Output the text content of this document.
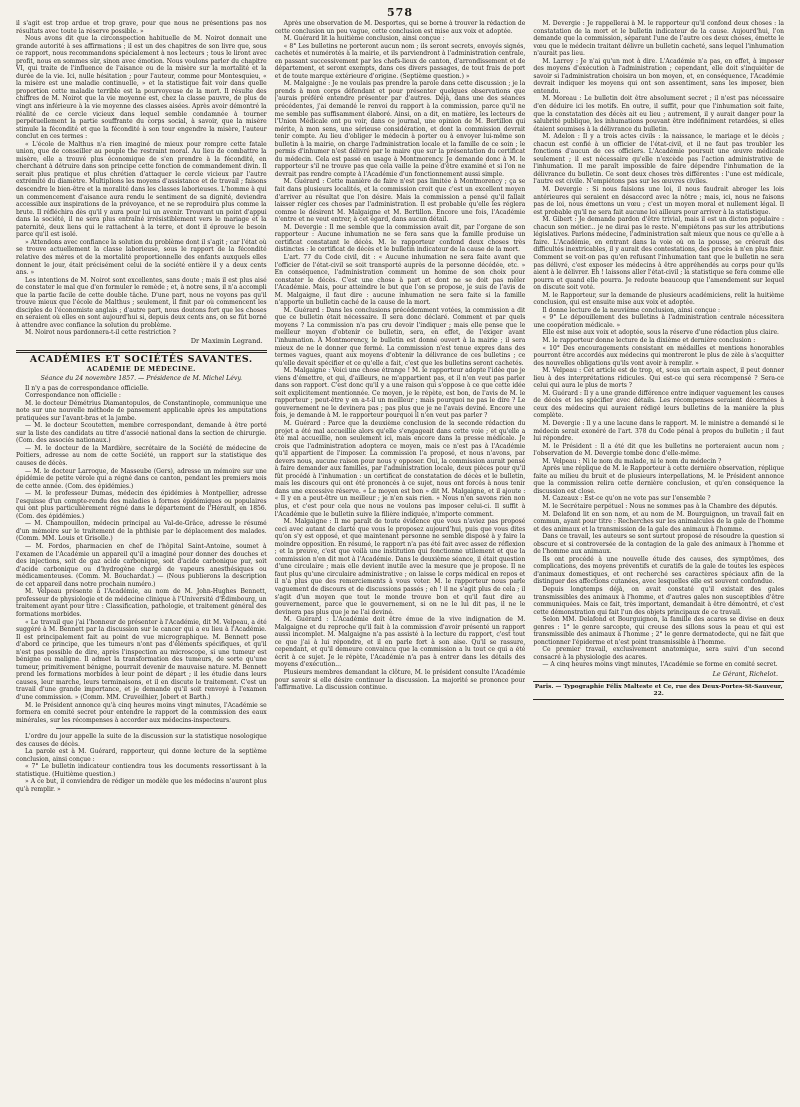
578

il s'agit est trop ardue et trop grave, pour que nous ne présentions pas nos résultats avec toute la réserve possible. »

Nous avons dit que la circonspection habituelle de M. Noirot donnait une grande autorité à ses affirmations ; il est un des chapitres de son livre que, sous ce rapport, nous recommandons spécialement à nos lecteurs ; tous le liront avec profit, nous en sommes sûr, sinon avec émotion. Nous voulons parler du chapitre VI, qui traite de l'influence de l'aisance ou de la misère sur la mortalité et la durée de la vie. Ici, nulle hésitation ; pour l'auteur, comme pour Montesquieu, « la misère est une maladie continuelle, » et la statistique fait voir dans quelle proportion cette maladie terrible est la pourvoyeuse de la mort. Il résulte des chiffres de M. Noirot que la vie moyenne est, chez la classe pauvre, de plus de vingt ans inférieure à la vie moyenne des classes aisées. Après avoir démontré la réalité de ce cercle vicieux dans lequel semble condamnée à tourner perpétuellement la partie souffrante du corps social, à savoir, que la misère stimule la fécondité et que la fécondité à son tour engendre la misère, l'auteur conclut en ces termes :

« L'école de Malthus n'a rien imaginé de mieux pour rompre cette fatale union, que de conseiller au peuple the restraint moral. Au lieu de combattre la misère, elle a trouvé plus économique de s'en prendre à la fécondité, en cherchant à détruire dans son principe cette fonction de commandement divin. Il serait plus pratique et plus chrétien d'attaquer le cercle vicieux par l'autre extrémité du diamètre. Multiplions les moyens d'assistance et de travail ; faisons descendre le bien-être et la moralité dans les classes laborieuses. L'homme à qui un commencement d'aisance aura rendu le sentiment de sa dignité, deviendra accessible aux inspirations de la prévoyance, et ne se reproduira plus comme la brute. Il réfléchira dès qu'il y aura pour lui un avenir. Trouvant un point d'appui dans la société, il ne sera plus entraîné irrésistiblement vers le mariage et la paternité, deux liens qui le rattachent à la terre, et dont il éprouve le besoin parce qu'il est isolé.

» Attendons avec confiance la solution du problème dont il s'agit ; car l'état où se trouve actuellement la classe laborieuse, sous le rapport de la fécondité relative des mères et de la mortalité proportionnelle des enfants auxquels elles donnent le jour, était précisément celui de la société entière il y a deux cents ans. »

Les intentions de M. Noirot sont excellentes, sans doute ; mais il est plus aisé de constater le mal que d'en formuler le remède ; et, à notre sens, il n'a accompli que la partie facile de cette double tâche. D'une part, nous ne voyons pas qu'il trouve mieux que l'école de Malthus ; seulement, il finit par où commencent les disciples de l'économiste anglais ; d'autre part, nous doutons fort que les choses en seraient où elles en sont aujourd'hui si, depuis deux cents ans, on se fût borné à attendre avec confiance la solution du problème.

M. Noirot nous pardonnera-t-il cette restriction ?

Dr Maximin Legrand.
ACADÉMIES ET SOCIÉTÉS SAVANTES.
ACADÉMIE DE MÉDECINE.
Séance du 24 novembre 1857. — Présidence de M. Michel Lévy.

Il n'y a pas de correspondance officielle.

Correspondance non officielle :

M. le docteur Démétrius Diamantopulos, de Constantinople, communique une note sur une nouvelle méthode de pansement applicable après les amputations pratiquées sur l'avant-bras et la jambe.

— M. le docteur Scoutetten, membre correspondant, demande à être porté sur la liste des candidats au titre d'associé national dans la section de chirurgie. (Com. des associés nationaux.)

— M. le docteur de la Mardière, secrétaire de la Société de médecine de Poitiers, adresse au nom de cette Société, un rapport sur la statistique des causes de décès.

— M. le docteur Larroque, de Masseube (Gers), adresse un mémoire sur une épidémie de petite vérole qui a régné dans ce canton, pendant les premiers mois de cette année. (Com. des épidémies.)

— M. le professeur Dumas, médecin des épidémies à Montpellier, adresse l'esquisse d'un compte-rendu des maladies à formes épidémiques ou populaires qui ont plus particulièrement régné dans le département de l'Hérault, en 1856. (Com. des épidémies.)

— M. Champouillon, médecin principal au Val-de-Grâce, adresse le résumé d'un mémoire sur le traitement de la phthisie par le déplacement des malades. (Comm. MM. Louis et Grisolle.)

— M. Fordos, pharmacien en chef de l'hôpital Saint-Antoine, soumet à l'examen de l'Académie un appareil qu'il a imaginé pour donner des douches et des injections, soit de gaz acide carbonique, soit d'acide carbonique pur, soit d'acide carbonique ou d'hydrogène chargé de vapeurs anesthésiques ou médicamenteuses. (Comm. M. Bouchardat.) — (Nous publierons la description de cet appareil dans notre prochain numéro.)

M. Velpeau présente à l'Académie, au nom de M. John-Hughes Bennett, professeur de physiologie et de médecine clinique à l'Université d'Édimbourg, un traitement ayant pour titre : Classification, pathologie, et traitement général des formations morbides.

« Le travail que j'ai l'honneur de présenter à l'Académie, dit M. Velpeau, a été suggéré à M. Bennett par la discussion sur le cancer qui a eu lieu à l'Académie. Il est principalement fait au point de vue micrographique. M. Bennett pose d'abord ce principe, que les tumeurs n'ont pas d'éléments spécifiques, et qu'il n'est pas possible de dire, après l'inspection au microscope, si une tumeur est bénigne ou maligne. Il admet la transformation des tumeurs, de sorte qu'une tumeur, primitivement bénigne, pourrait devenir de mauvaise nature. M. Bennett prend les formations morbides à leur point de départ ; il les étudie dans leurs causes, leur marche, leurs terminaisons, et il en discute le traitement. C'est un travail d'une grande importance, et je demande qu'il soit renvoyé à l'examen d'une commission. » (Comm. MM. Cruveilhier, Jobert et Barth.)

M. le Président annonce qu'à cinq heures moins vingt minutes, l'Académie se formera en comité secret pour entendre le rapport de la commission des eaux minérales, sur les récompenses à accorder aux médecins-inspecteurs.

L'ordre du jour appelle la suite de la discussion sur la statistique nosologique des causes de décès.

La parole est à M. Guérard, rapporteur, qui donne lecture de la septième conclusion, ainsi conçue :

« 7° Le bulletin indicateur contiendra tous les documents ressortissant à la statistique. (Huitième question.)

» A ce but, il conviendra de rédiger un modèle que les médecins n'auront plus qu'à remplir. »

Après une observation de M. Desportes, qui se borne à trouver la rédaction de cette conclusion un peu vague, cette conclusion est mise aux voix et adoptée.

M. Guérard lit la huitième conclusion, ainsi conçue :

« 8° Les bulletins ne porteront aucun nom ; ils seront secrets, envoyés signés, cachetés et numérotés à la mairie, et ils parviendront à l'administration centrale, en passant successivement par les chefs-lieux de canton, d'arrondissement et de département, et seront exempts, dans ces divers passages, de tout frais de port et de toute marque extérieure d'origine. (Septième question.) »

M. Malgaigne : Je ne voulais pas prendre la parole dans cette discussion ; je la prends à mon corps défendant et pour présenter quelques observations que j'aurais préféré entendre présenter par d'autres. Déjà, dans une des séances précédentes, j'ai demandé le renvoi du rapport à la commission, parce qu'il ne me semble pas suffisamment élaboré. Ainsi, on a dit, en matière, les lecteurs de l'Union Médicale ont pu voir, dans ce journal, une opinion de M. Bertillon qui mérite, à mon sens, une sérieuse considération, et dont la commission devrait tenir compte. Au lieu d'obliger le médecin à porter ou à envoyer lui-même son bulletin à la mairie, on charge l'administration locale et la famille de ce soin ; le permis d'inhumer n'est délivré par le maire que sur la présentation du certificat du médecin. Cela est passé en usage à Montmorency. Je demande donc à M. le rapporteur s'il ne trouve pas que cela vaille la peine d'être examiné et si l'on ne devrait pas rendre compte à l'Académie d'un fonctionnement aussi simple.

M. Guérard : Cette manière de faire n'est pas limitée à Montmorency ; ça se fait dans plusieurs localités, et la commission croit que c'est un excellent moyen d'arriver au résultat que l'on désire. Mais la commission a pensé qu'il fallait laisser régler ces choses par l'administration. Il est probable qu'elle les réglera comme le désirent M. Malgaigne et M. Bertillon. Encore une fois, l'Académie n'entre et ne veut entrer, à cet égard, dans aucun détail.

M. Devergie : Il me semble que la commission avait dit, par l'organe de son rapporteur : Aucune inhumation ne se fera sans que la famille produise un certificat constatant le décès. M. le rapporteur confond deux choses très distinctes : le certificat de décès et le bulletin indicateur de la cause de la mort.

L'art. 77 du Code civil, dit : « Aucune inhumation ne sera faite avant que l'officier de l'état-civil se soit transporté auprès de la personne décédée, etc. » En conséquence, l'administration comment un homme de son choix pour constater le décès. C'est une chose à part et dont ne se doit pas mêler l'Académie. Mais, pour atteindre le but que l'on se propose, je suis de l'avis de M. Malgaigne, il faut dire : aucune inhumation ne sera faite si la famille n'apporte un bulletin caché de la cause de la mort.

M. Guérard : Dans les conclusions précédemment votées, la commission a dit que ce bulletin était nécessaire. Il sera donc déclaré. Comment et par quels moyens ? La commission n'a pas cru devoir l'indiquer ; mais elle pense que le meilleur moyen d'obtenir ce bulletin, sera, en effet, de l'exiger avant l'inhumation. À Montmorency, le bulletin est donné ouvert à la mairie ; il sera mieux de ne le donner que fermé. La commission n'est tenue expres dans des termes vagues, quant aux moyens d'obtenir la délivrance de ces bulletins ; ce qu'elle devait spécifier et ce qu'elle a fait, c'est que les bulletins seront cachetés.

M. Malgaigne : Voici une chose étrange ! M. le rapporteur adopte l'idée que je viens d'émettre, et qui, d'ailleurs, ne m'appartient pas, et il n'en veut pas parler dans son rapport. C'est donc qu'il y a une raison qui s'oppose à ce que cette idée soit explicitement mentionnée. Ce moyen, je le répète, est bon, de l'avis de M. le rapporteur ; peut-être y en a-t-il un meilleur ; mais pourquoi ne pas le dire ? Le gouvernement ne le devinera pas ; pas plus que je ne l'avais deviné. Encore une fois, je demande à M. le rapporteur pourquoi il n'en veut pas parler ?

M. Guérard : Parce que la deuxième conclusion de la seconde rédaction du projet a été mal accueillie alors qu'elle s'engageait dans cette voie ; et qu'elle a été mal accueillie, non seulement ici, mais encore dans la presse médicale. Je crois que l'administration adoptera ce moyen, mais ce n'est pas à l'Académie qu'il appartient de l'imposer. La commission l'a proposé, et nous n'avons, par devers nous, aucune raison pour nous y opposer. Oui, la commission aurait pensé à faire demander aux familles, par l'administration locale, deux pièces pour qu'il fût procédé à l'inhumation : un certificat de constatation de décès et le bulletin, mais les discours qui ont été prononcés à ce sujet, nous ont forcés à nous tenir dans une excessive réserve. « Le moyen est bon » dit M. Malgaigne, et il ajoute : « Il y en a peut-être un meilleur ; je n'en sais rien. » Nous n'en savons rien non plus, et c'est pour cela que nous ne voulons pas imposer celui-ci. Il suffit à l'Académie que le bulletin suive la filière indiquée, n'importe comment.

M. Malgaigne : Il me paraît de toute évidence que vous n'aviez pas proposé ceci avec autant de clarté que vous le proposez aujourd'hui, puis que vous dites qu'on s'y est opposé, et que maintenant personne ne semble disposé à y faire la moindre opposition. En résumé, le rapport n'a pas été fait avec assez de réflexion ; et la preuve, c'est que voilà une institution qui fonctionne utilement et que la commission n'en dit mot à l'Académie. Dans le deuxième séance, il était question d'une circulaire ; mais elle devient inutile avec la mesure que je propose. Il ne faut plus qu'une circulaire administrative ; on laisse le corps médical en repos et il n'a plus que des remerciements à vous voter. M. le rapporteur nous parle vaguement de discours et de discussions passés ; eh ! il ne s'agit plus de cela ; il s'agit d'un moyen que tout le monde trouve bon et qu'il faut dire au gouvernement, parce que le gouvernement, si on ne le lui dit pas, il ne le devinera pas plus que je ne l'ai deviné.

M. Guérard : L'Académie doit être émue de la vive indignation de M. Malgaigne et du reproche qu'il fait à la commission d'avoir présenté un rapport aussi incomplet. M. Malgaigne n'a pas assisté à la lecture du rapport, c'est tout ce que j'ai à lui répondre, et il en parle fort à son aise. Qu'il se rassure, cependant, et qu'il demeure convaincu que la commission a lu tout ce qui a été écrit à ce sujet. Je le répète, l'Académie n'a pas à entrer dans les détails des moyens d'exécution...

Plusieurs membres demandant la clôture, M. le président consulte l'Académie pour savoir si elle désire continuer la discussion. La majorité se prononce pour l'affirmative. La discussion continue.

M. Devergie : Je rappellerai à M. le rapporteur qu'il confond deux choses : la constatation de la mort et le bulletin indicateur de la cause. Aujourd'hui, l'on demande que la commission, séparant l'une de l'autre ces deux choses, émette le vœu que le médecin traitant délivre un bulletin cacheté, sans lequel l'inhumation n'aurait pas lieu.

M. Larrey : Je n'ai qu'un mot à dire. L'Académie n'a pas, en effet, à imposer des moyens d'exécution à l'administration ; cependant, elle doit s'inquiéter de savoir si l'administration choisira un bon moyen, et, en conséquence, l'Académie devrait indiquer les moyens qui ont son assentiment, sans les imposer, bien entendu.

M. Moreau : Le bulletin doit être absolument secret ; il n'est pas nécessaire d'en déduire ici les motifs. En outre, il suffit, pour que l'inhumation soit faite, que la constatation des décès ait eu lieu ; autrement, il y aurait danger pour la salubrité publique, les inhumations pouvant être indéfiniment retardées, si elles étaient soumises à la délivrance du bulletin.

M. Adelon : Il y a trois actes civils : la naissance, le mariage et le décès ; chacun est confié à un officier de l'état-civil, et il ne faut pas troubler les fonctions d'aucun de ces officiers. L'Académie poursuit une œuvre médicale seulement ; il est nécessaire qu'elle n'excède pas l'action administrative de l'inhumation. Il me paraît impossible de faire dépendre l'inhumation de la délivrance du bulletin. Ce sont deux choses très différentes : l'une est médicale, l'autre est civile. N'empiétons pas sur les œuvres civiles.

M. Devergie : Si nous faisions une loi, il nous faudrait abroger les lois antérieures qui seraient en désaccord avec la nôtre ; mais, ici, nous ne faisons pas de loi, nous émettons un vœu ; c'est un moyen moral et nullement légal. Il est probable qu'il ne sera fait aucune loi ailleurs pour arriver à la statistique.

M. Gibert : Je demande pardon d'être trivial, mais il est un dicton populaire : chacun son métier... je ne dirai pas le reste. N'empiétons pas sur les attributions législatives. Parlons médecine, l'administration sait mieux que nous ce qu'elle a à faire. L'Académie, en entrant dans la voie où on la pousse, se créerait des difficultés inextricables, il y aurait des contestations, des procès à n'en plus finir. Comment se voit-on pas qu'en refusant l'inhumation tant que le bulletin ne sera pas délivré, c'est exposer les médecins à être appréhendés au corps pour qu'ils aient à le délivrer. Eh ! laissons aller l'état-civil ; la statistique se fera comme elle pourra et quand elle pourra. Je redoute beaucoup que l'amendement sur lequel on discute soit voté.

M. le Rapporteur, sur la demande de plusieurs académiciens, relit la huitième conclusion, qui est ensuite mise aux voix et adoptée.

Il donne lecture de la neuvième conclusion, ainsi conçue :

« 9° Le dépouillement des bulletins à l'administration centrale nécessitera une coopération médicale. »

Elle est mise aux voix et adoptée, sous la réserve d'une rédaction plus claire.

M. le rapporteur donne lecture de la dixième et dernière conclusion :

« 10° Des encouragements consistant en médailles et mentions honorables pourront être accordés aux médecins qui montreront le plus de zèle à s'acquitter des nouvelles obligations qu'ils vont avoir à remplir. »

M. Velpeau : Cet article est de trop, et, sous un certain aspect, il peut donner lieu à des interprétations ridicules. Qui est-ce qui sera récompensé ? Sera-ce celui qui aura le plus de morts ?

M. Guérard : Il y a une grande différence entre indiquer vaguement les causes de décès et les spécifier avec détails. Les récompenses seraient décernées à ceux des médecins qui auraient rédigé leurs bulletins de la manière la plus complète.

M. Devergie : Il y a une lacune dans le rapport. M. le ministre a demandé si le médecin serait exonéré de l'art. 378 du Code pénal à propos du bulletin ; il faut lui répondre.

M. le Président : Il a été dit que les bulletins ne porteraient aucun nom ; l'observation de M. Devergie tombe donc d'elle-même.

M. Velpeau : Ni le nom du malade, ni le nom du médecin ?

Après une réplique de M. le Rapporteur à cette dernière observation, réplique faite au milieu du bruit et de plusieurs interpellations, M. le Président annonce que la commission relira cette dernière conclusion, et qu'en conséquence la discussion est close.

M. Cazeaux : Est-ce qu'on ne vote pas sur l'ensemble ?

M. le Secrétaire perpétuel : Nous ne sommes pas à la Chambre des députés.

M. Delafond lit en son nom, et au nom de M. Bourguignon, un travail fait en commun, ayant pour titre : Recherches sur les animalcules de la gale de l'homme et des animaux et la transmission de la gale des animaux à l'homme.

Dans ce travail, les auteurs se sont surtout proposé de résoudre la question si obscure et si controversée de la contagion de la gale des animaux à l'homme et de l'homme aux animaux.

Ils ont procédé à une nouvelle étude des causes, des symptômes, des complications, des moyens préventifs et curatifs de la gale de toutes les espèces d'animaux domestiques, et ont recherché ses caractères spéciaux afin de la distinguer des affections cutanées, avec lesquelles elle est souvent confondue.

Depuis longtemps déjà, on avait constaté qu'il existait des gales transmissibles des animaux à l'homme, et d'autres gales non susceptibles d'être communiquées. Mais ce fait, très important, demandait à être démontré, et c'est cette démonstration qui fait l'un des objets principaux de ce travail.

Selon MM. Delafond et Bourguignon, la famille des acares se divise en deux genres : 1° le genre sarcopte, qui creuse des sillons sous la peau et qui est transmissible des animaux à l'homme ; 2° le genre dermatodecte, qui ne fait que ponctionner l'épiderme et n'est point transmissible à l'homme.

Ce premier travail, exclusivement anatomique, sera suivi d'un second consacré à la physiologie des acares.

— A cinq heures moins vingt minutes, l'Académie se forme en comité secret.

Le Gérant, Richelot.
Paris. — Typographie Félix Malteste et Ce, rue des Deux-Portes-St-Sauveur, 22.
